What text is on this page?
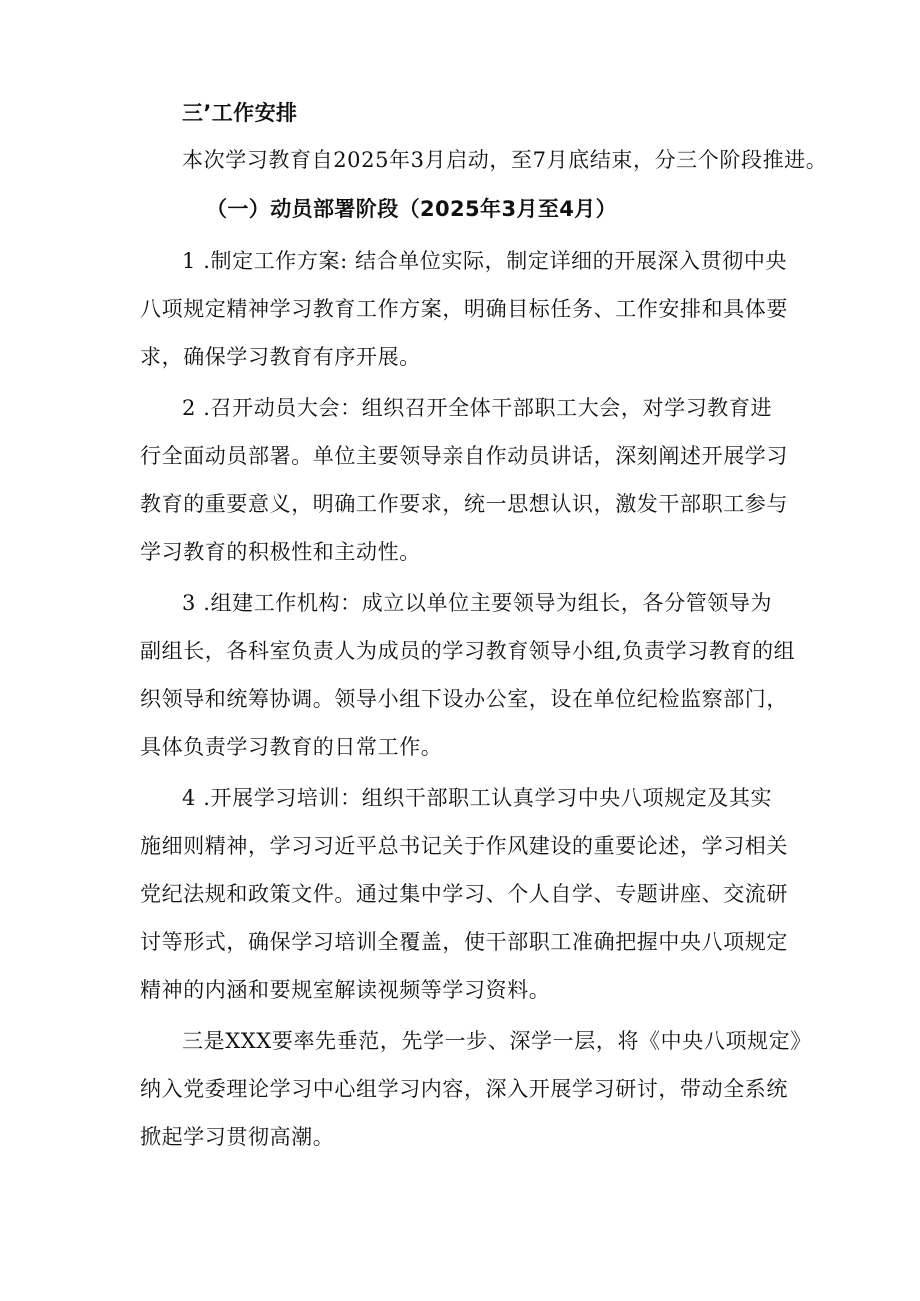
三’工作安排
本次学习教育自2025年3月启动，至7月底结束，分三个阶段推进。
（一）动员部署阶段（2025年3月至4月）
1 .制定工作方案: 结合单位实际，制定详细的开展深入贯彻中央
八项规定精神学习教育工作方案，明确目标任务、工作安排和具体要
求，确保学习教育有序开展。
2 .召开动员大会：组织召开全体干部职工大会，对学习教育进
行全面动员部署。单位主要领导亲自作动员讲话，深刻阐述开展学习
教育的重要意义，明确工作要求，统一思想认识，激发干部职工参与
学习教育的积极性和主动性。
3 .组建工作机构：成立以单位主要领导为组长，各分管领导为
副组长，各科室负责人为成员的学习教育领导小组,负责学习教育的组
织领导和统筹协调。领导小组下设办公室，设在单位纪检监察部门，
具体负责学习教育的日常工作。
4 .开展学习培训：组织干部职工认真学习中央八项规定及其实
施细则精神，学习习近平总书记关于作风建设的重要论述，学习相关
党纪法规和政策文件。通过集中学习、个人自学、专题讲座、交流研
讨等形式，确保学习培训全覆盖，使干部职工准确把握中央八项规定
精神的内涵和要规室解读视频等学习资料。
三是XXX要率先垂范，先学一步、深学一层，将《中央八项规定》
纳入党委理论学习中心组学习内容，深入开展学习研讨，带动全系统
掀起学习贯彻高潮。
